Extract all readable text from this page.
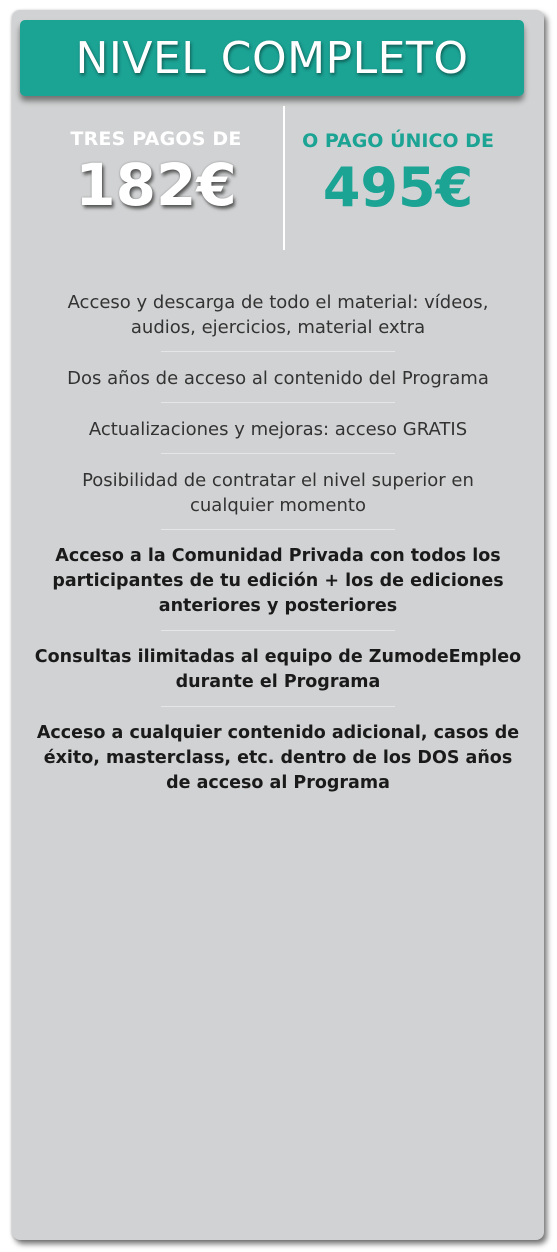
NIVEL COMPLETO
TRES PAGOS DE
182€
O PAGO ÚNICO DE
495€
Acceso y descarga de todo el material: vídeos,
audios, ejercicios, material extra
Dos años de acceso al contenido del Programa
Actualizaciones y mejoras: acceso GRATIS
Posibilidad de contratar el nivel superior en
cualquier momento
Acceso a la Comunidad Privada con todos los
participantes de tu edición + los de ediciones
anteriores y posteriores
Consultas ilimitadas al equipo de ZumodeEmpleo
durante el Programa
Acceso a cualquier contenido adicional, casos de
éxito, masterclass, etc. dentro de los DOS años
de acceso al Programa
